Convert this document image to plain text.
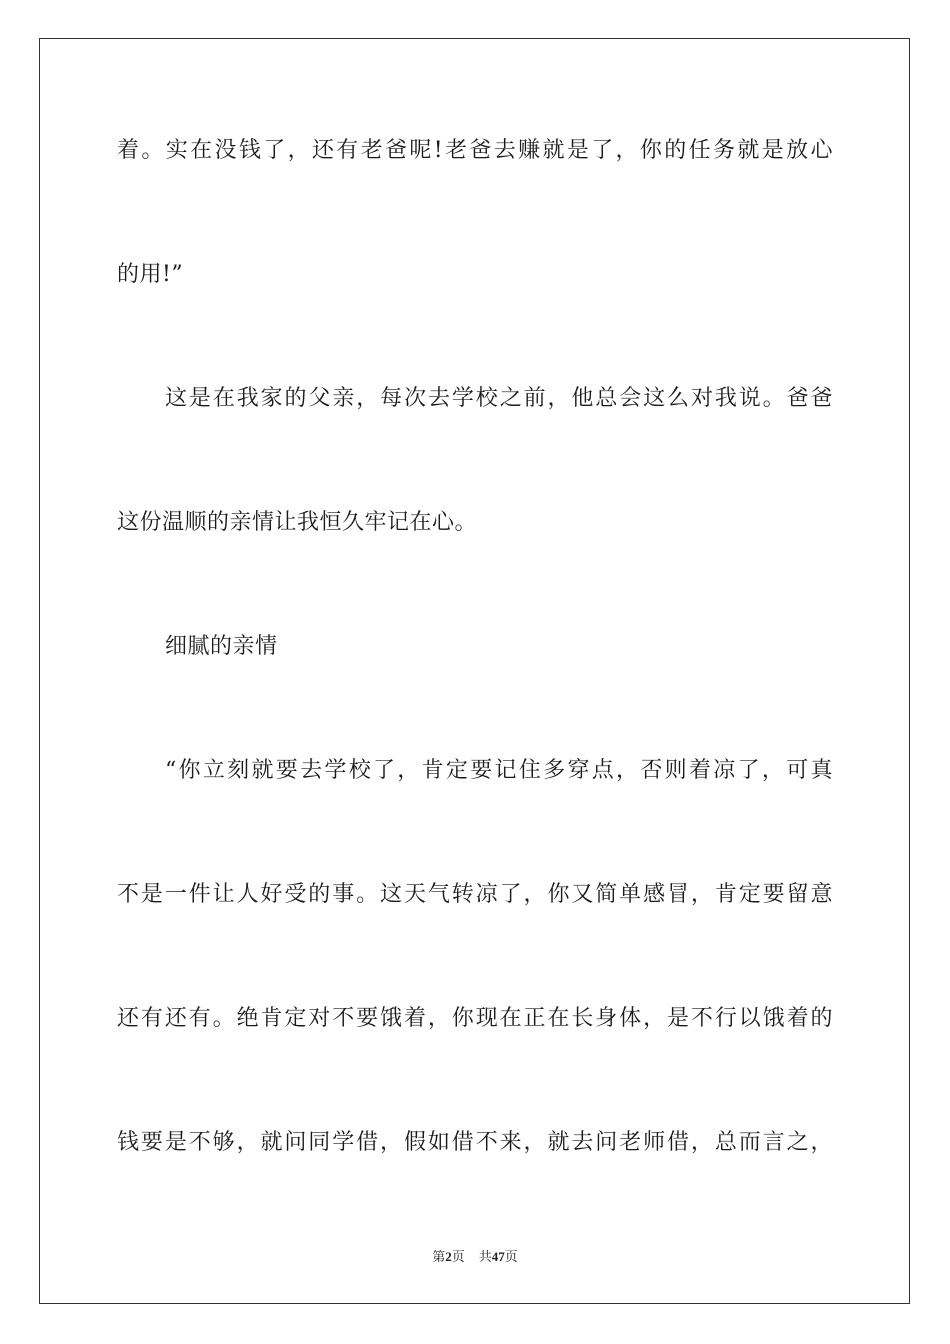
着。实在没钱了，还有老爸呢!老爸去赚就是了，你的任务就是放心
的用!”
这是在我家的父亲，每次去学校之前，他总会这么对我说。爸爸
这份温顺的亲情让我恒久牢记在心。
细腻的亲情
“你立刻就要去学校了，肯定要记住多穿点，否则着凉了，可真
不是一件让人好受的事。这天气转凉了，你又简单感冒，肯定要留意
还有还有。绝肯定对不要饿着，你现在正在长身体，是不行以饿着的
钱要是不够，就问同学借，假如借不来，就去问老师借，总而言之，
第2页 共47页
